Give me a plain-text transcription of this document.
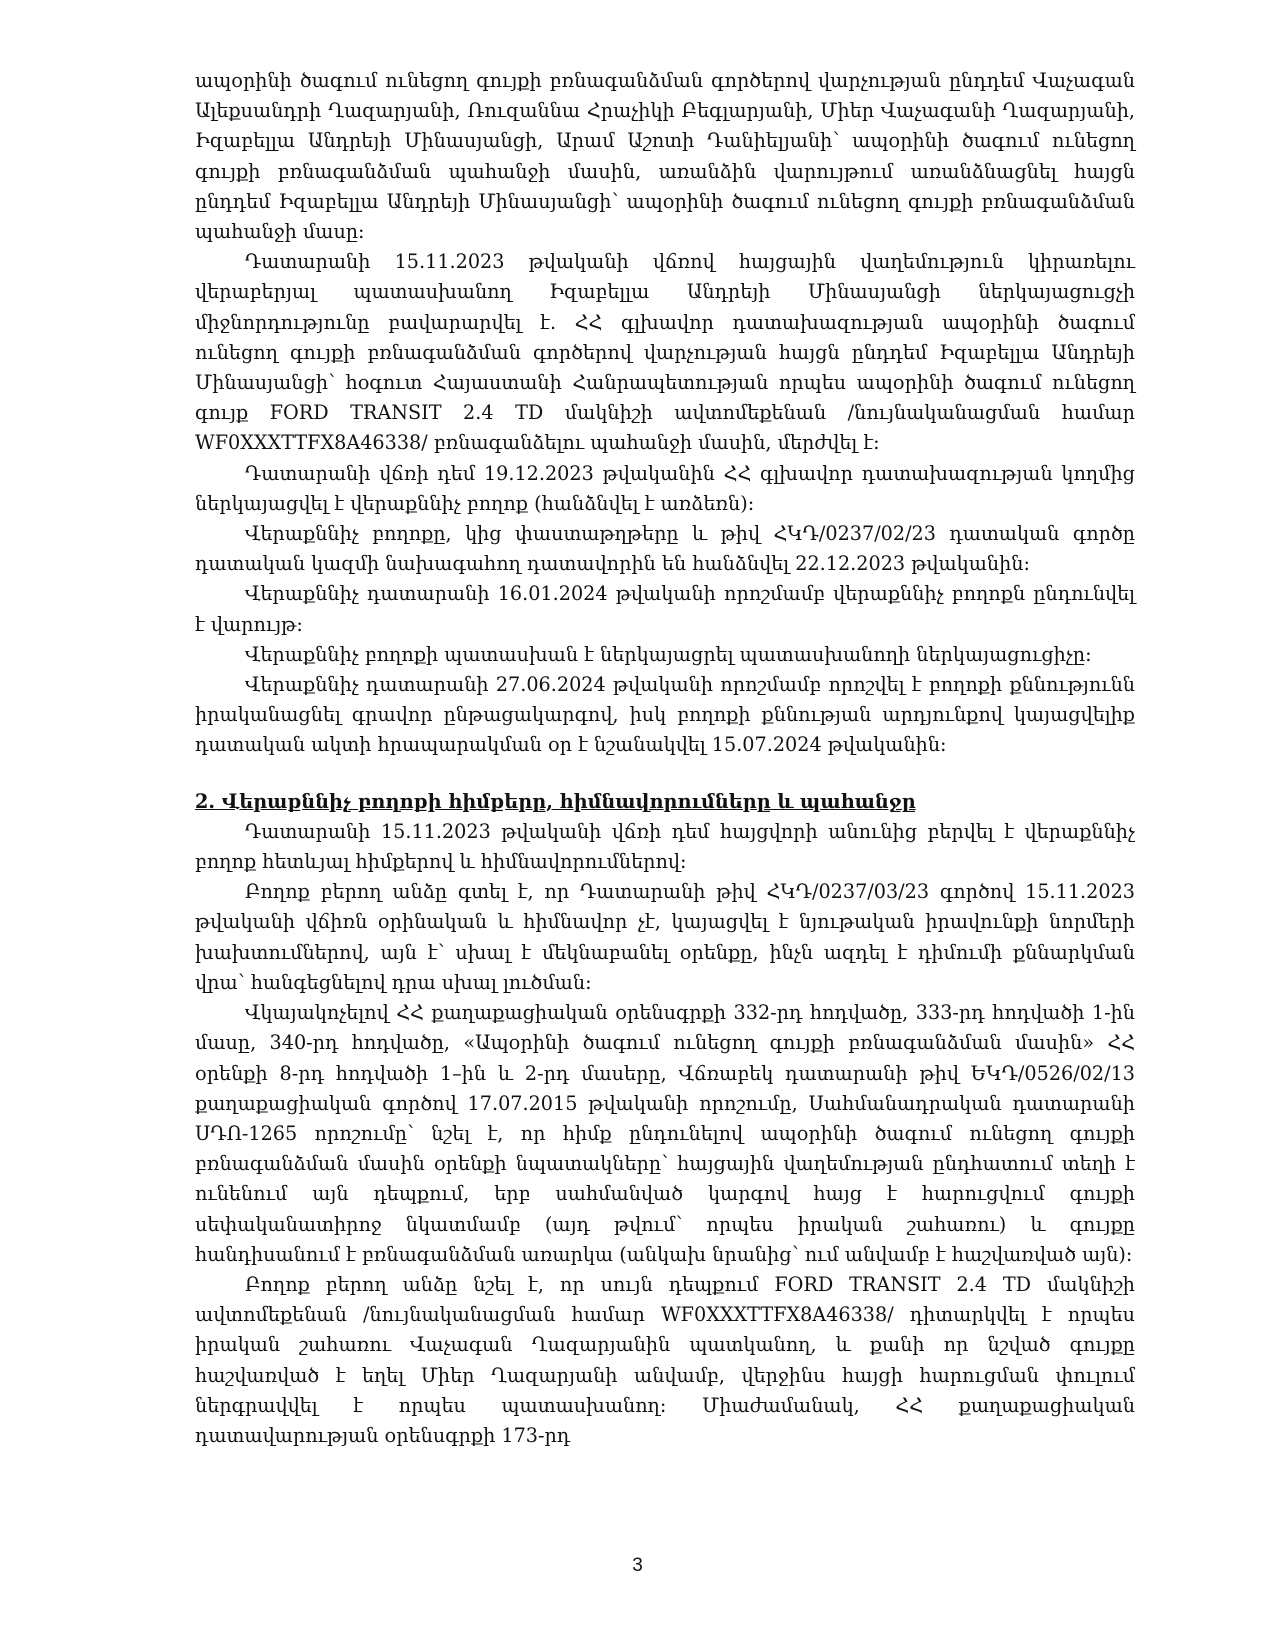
ապօրինի ծագում ունեցող գույքի բռնագանձման գործերով վարչության ընդդեմ Վաչագան Ալեքսանդրի Ղազարյանի, Ռուզաննա Հրաչիկի Բեգլարյանի, Միեր Վաչագանի Ղազարյանի, Իզաբելլա Անդրեյի Մինասյանցի, Արամ Աշոտի Դանիելյանի՝ ապօրինի ծագում ունեցող գույքի բռնագանձման պահանջի մասին, առանձին վարույթում առանձնացնել հայցն ընդդեմ Իզաբելլա Անդրեյի Մինասյանցի՝ ապօրինի ծագում ունեցող գույքի բռնագանձման պահանջի մասը:

Դատարանի 15.11.2023 թվականի վճռով հայցային վաղեմություն կիրառելու վերաբերյալ պատասխանող Իզաբելլա Անդրեյի Մինասյանցի ներկայացուցչի միջնորդությունը բավարարվել է. ՀՀ գլխավոր դատախազության ապօրինի ծագում ունեցող գույքի բռնագանձման գործերով վարչության հայցն ընդդեմ Իզաբելլա Անդրեյի Մինասյանցի՝ հօգուտ Հայաստանի Հանրապետության որպես ապօրինի ծագում ունեցող գույք FORD TRANSIT 2.4 TD մակնիշի ավտոմեքենան /նույնականացման համար WF0XXXTTFX8A46338/ բռնագանձելու պահանջի մասին, մերժվել է:

Դատարանի վճռի դեմ 19.12.2023 թվականին ՀՀ գլխավոր դատախազության կողմից ներկայացվել է վերաքննիչ բողոք (հանձնվել է առձեռն):

Վերաքննիչ բողոքը, կից փաստաթղթերը և թիվ ՀԿԴ/0237/02/23 դատական գործը դատական կազմի նախագահող դատավորին են հանձնվել 22.12.2023 թվականին:

Վերաքննիչ դատարանի 16.01.2024 թվականի որոշմամբ վերաքննիչ բողոքն ընդունվել է վարույթ:

Վերաքննիչ բողոքի պատասխան է ներկայացրել պատասխանողի ներկայացուցիչը:

Վերաքննիչ դատարանի 27.06.2024 թվականի որոշմամբ որոշվել է բողոքի քննությունն իրականացնել գրավոր ընթացակարգով, իսկ բողոքի քննության արդյունքով կայացվելիք դատական ակտի հրապարակման օր է նշանակվել 15.07.2024 թվականին:

2. Վերաքննիչ բողոքի հիմքերը, հիմնավորումները և պահանջը

Դատարանի 15.11.2023 թվականի վճռի դեմ հայցվորի անունից բերվել է վերաքննիչ բողոք հետևյալ հիմքերով և հիմնավորումներով:

Բողոք բերող անձը գտել է, որ Դատարանի թիվ ՀԿԴ/0237/03/23 գործով 15.11.2023 թվականի վճիռն օրինական և հիմնավոր չէ, կայացվել է նյութական իրավունքի նորմերի խախտումներով, այն է՝ սխալ է մեկնաբանել օրենքը, ինչն ազդել է դիմումի քննարկման վրա՝ հանգեցնելով դրա սխալ լուծման:

Վկայակոչելով ՀՀ քաղաքացիական օրենսգրքի 332-րդ հոդվածը, 333-րդ հոդվածի 1-ին մասը, 340-րդ հոդվածը, «Ապօրինի ծագում ունեցող գույքի բռնագանձման մասին» ՀՀ օրենքի 8-րդ հոդվածի 1–ին և 2-րդ մասերը, Վճռաբեկ դատարանի թիվ ԵԿԴ/0526/02/13 քաղաքացիական գործով 17.07.2015 թվականի որոշումը, Սահմանադրական դատարանի ՍԴՈ-1265 որոշումը՝ նշել է, որ հիմք ընդունելով ապօրինի ծագում ունեցող գույքի բռնագանձման մասին օրենքի նպատակները՝ հայցային վաղեմության ընդհատում տեղի է ունենում այն դեպքում, երբ սահմանված կարգով հայց է հարուցվում գույքի սեփականատիրոջ նկատմամբ (այդ թվում՝ որպես իրական շահառու) և գույքը հանդիսանում է բռնագանձման առարկա (անկախ նրանից՝ ում անվամբ է հաշվառված այն):

Բողոք բերող անձը նշել է, որ սույն դեպքում FORD TRANSIT 2.4 TD մակնիշի ավտոմեքենան /նույնականացման համար WF0XXXTTFX8A46338/ դիտարկվել է որպես իրական շահառու Վաչագան Ղազարյանին պատկանող, և քանի որ նշված գույքը հաշվառված է եղել Միեր Ղազարյանի անվամբ, վերջինս հայցի հարուցման փուլում ներգրավվել է որպես պատասխանող: Միաժամանակ, ՀՀ քաղաքացիական դատավարության օրենսգրքի 173-րդ

3
